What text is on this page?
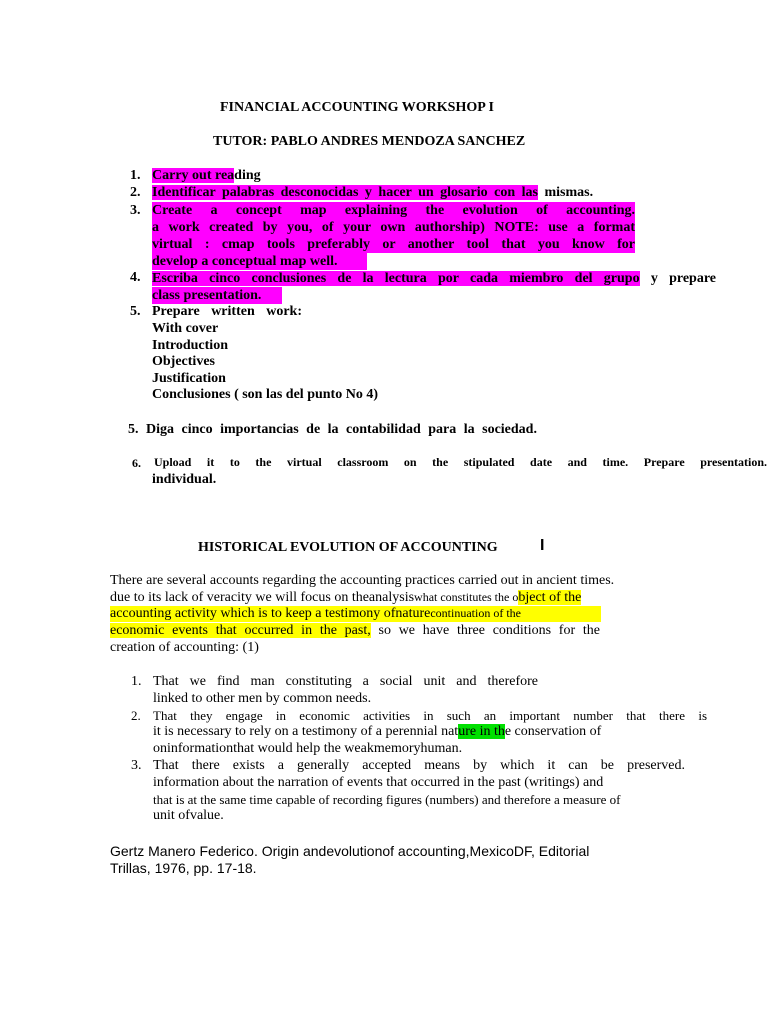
FINANCIAL ACCOUNTING WORKSHOP I
TUTOR: PABLO ANDRES MENDOZA SANCHEZ
1. Carry out reading
2. Identificar palabras desconocidas y hacer un glosario con las mismas.
3. Create a concept map explaining the evolution of accounting.
a work created by you, of your own authorship) NOTE: use a format
virtual : cmap tools preferably or another tool that you know for
develop a conceptual map well.
4. Escriba cinco conclusiones de la lectura por cada miembro del grupo y prepare
class presentation.
5. Prepare written work:
With cover
Introduction
Objectives
Justification
Conclusiones ( son las del punto No 4)
5. Diga cinco importancias de la contabilidad para la sociedad.
6. Upload it to the virtual classroom on the stipulated date and time. Prepare presentation.
individual.
HISTORICAL EVOLUTION OF ACCOUNTING	I
There are several accounts regarding the accounting practices carried out in ancient times.
due to its lack of veracity we will focus on theanalysiswhat constitutes the object of the
accounting activity which is to keep a testimony ofnaturecontinuation of the
economic events that occurred in the past, so we have three conditions for the
creation of accounting: (1)
1. That we find man constituting a social unit and therefore
linked to other men by common needs.
2. That they engage in economic activities in such an important number that there is
it is necessary to rely on a testimony of a perennial nature in the conservation of
oninformationthat would help the weakmemoryhuman.
3. That there exists a generally accepted means by which it can be preserved.
information about the narration of events that occurred in the past (writings) and
that is at the same time capable of recording figures (numbers) and therefore a measure of
unit ofvalue.
Gertz Manero Federico. Origin andevolutionof accounting,MexicoDF, Editorial
Trillas, 1976, pp. 17-18.
